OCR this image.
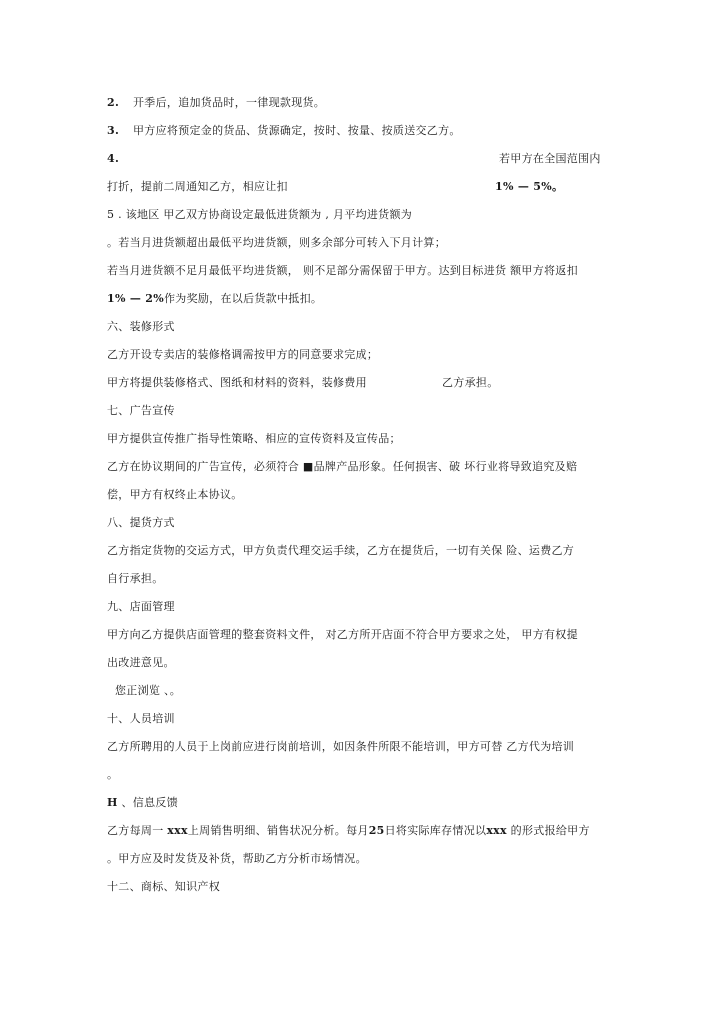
2. 开季后，追加货品时，一律现款现货。
3. 甲方应将预定金的货品、货源确定，按时、按量、按质送交乙方。
4.	若甲方在全国范围内
打折，提前二周通知乙方，相应让扣	1% — 5%。
5 . 该地区 甲乙双方协商设定最低进货额为 , 月平均进货额为
。若当月进货额超出最低平均进货额，则多余部分可转入下月计算；
若当月进货额不足月最低平均进货额， 则不足部分需保留于甲方。达到目标进货 额甲方将返扣
1% — 2%作为奖励，在以后货款中抵扣。
六、装修形式
乙方开设专卖店的装修格调需按甲方的同意要求完成；
甲方将提供装修格式、图纸和材料的资料，装修费用	乙方承担。
七、广告宣传
甲方提供宣传推广指导性策略、相应的宣传资料及宣传品；
乙方在协议期间的广告宣传，必须符合 ■品牌产品形象。任何损害、破 坏行业将导致追究及赔
偿，甲方有权终止本协议。
八、提货方式
乙方指定货物的交运方式，甲方负责代理交运手续，乙方在提货后，一切有关保 险、运费乙方
自行承担。
九、店面管理
甲方向乙方提供店面管理的整套资料文件， 对乙方所开店面不符合甲方要求之处， 甲方有权提
出改进意见。
您正浏览 、。
十、人员培训
乙方所聘用的人员于上岗前应进行岗前培训，如因条件所限不能培训，甲方可替 乙方代为培训
。
H 、信息反馈
乙方每周一 xxx上周销售明细、销售状况分析。每月25日将实际库存情况以xxx 的形式报给甲方
。甲方应及时发货及补货，帮助乙方分析市场情况。
十二、商标、知识产权
